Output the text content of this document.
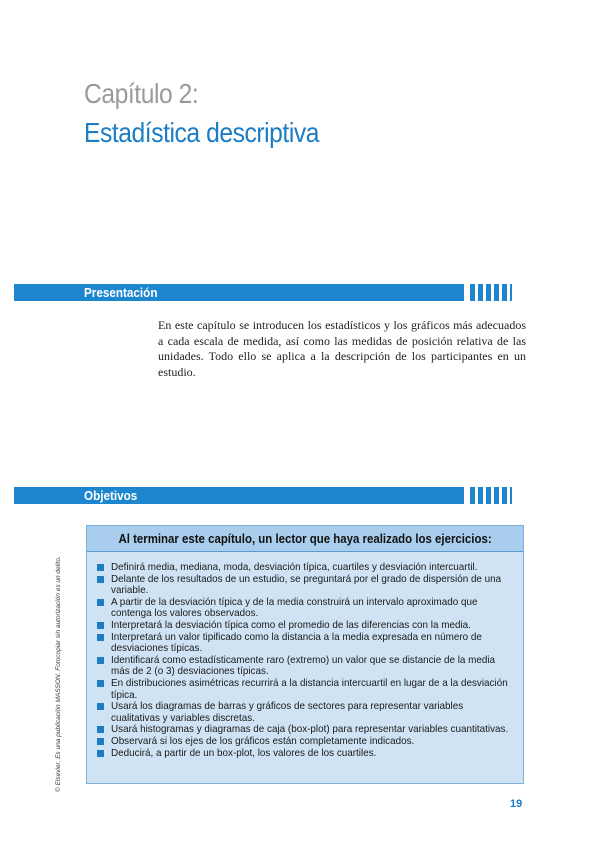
Capítulo 2:
Estadística descriptiva
Presentación

En este capítulo se introducen los estadísticos y los gráficos más adecuados a cada escala de medida, así como las medidas de posición relativa de las unidades. Todo ello se aplica a la descripción de los participantes en un estudio.

Objetivos
© Elsevier. Es una publicación MASSON. Fotocopiar sin autorización es un delito.
Al terminar este capítulo, un lector que haya realizado los ejercicios:
Definirá media, mediana, moda, desviación típica, cuartiles y desviación intercuartil.
Delante de los resultados de un estudio, se preguntará por el grado de dispersión de una variable.
A partir de la desviación típica y de la media construirá un intervalo aproximado que contenga los valores observados.
Interpretará la desviación típica como el promedio de las diferencias con la media.
Interpretará un valor tipificado como la distancia a la media expresada en número de desviaciones típicas.
Identificará como estadísticamente raro (extremo) un valor que se distancie de la media más de 2 (o 3) desviaciones típicas.
En distribuciones asimétricas recurrirá a la distancia intercuartil en lugar de a la desviación típica.
Usará los diagramas de barras y gráficos de sectores para representar variables cualitativas y variables discretas.
Usará histogramas y diagramas de caja (box-plot) para representar variables cuantitativas.
Observará si los ejes de los gráficos están completamente indicados.
Deducirá, a partir de un box-plot, los valores de los cuartiles.
19
